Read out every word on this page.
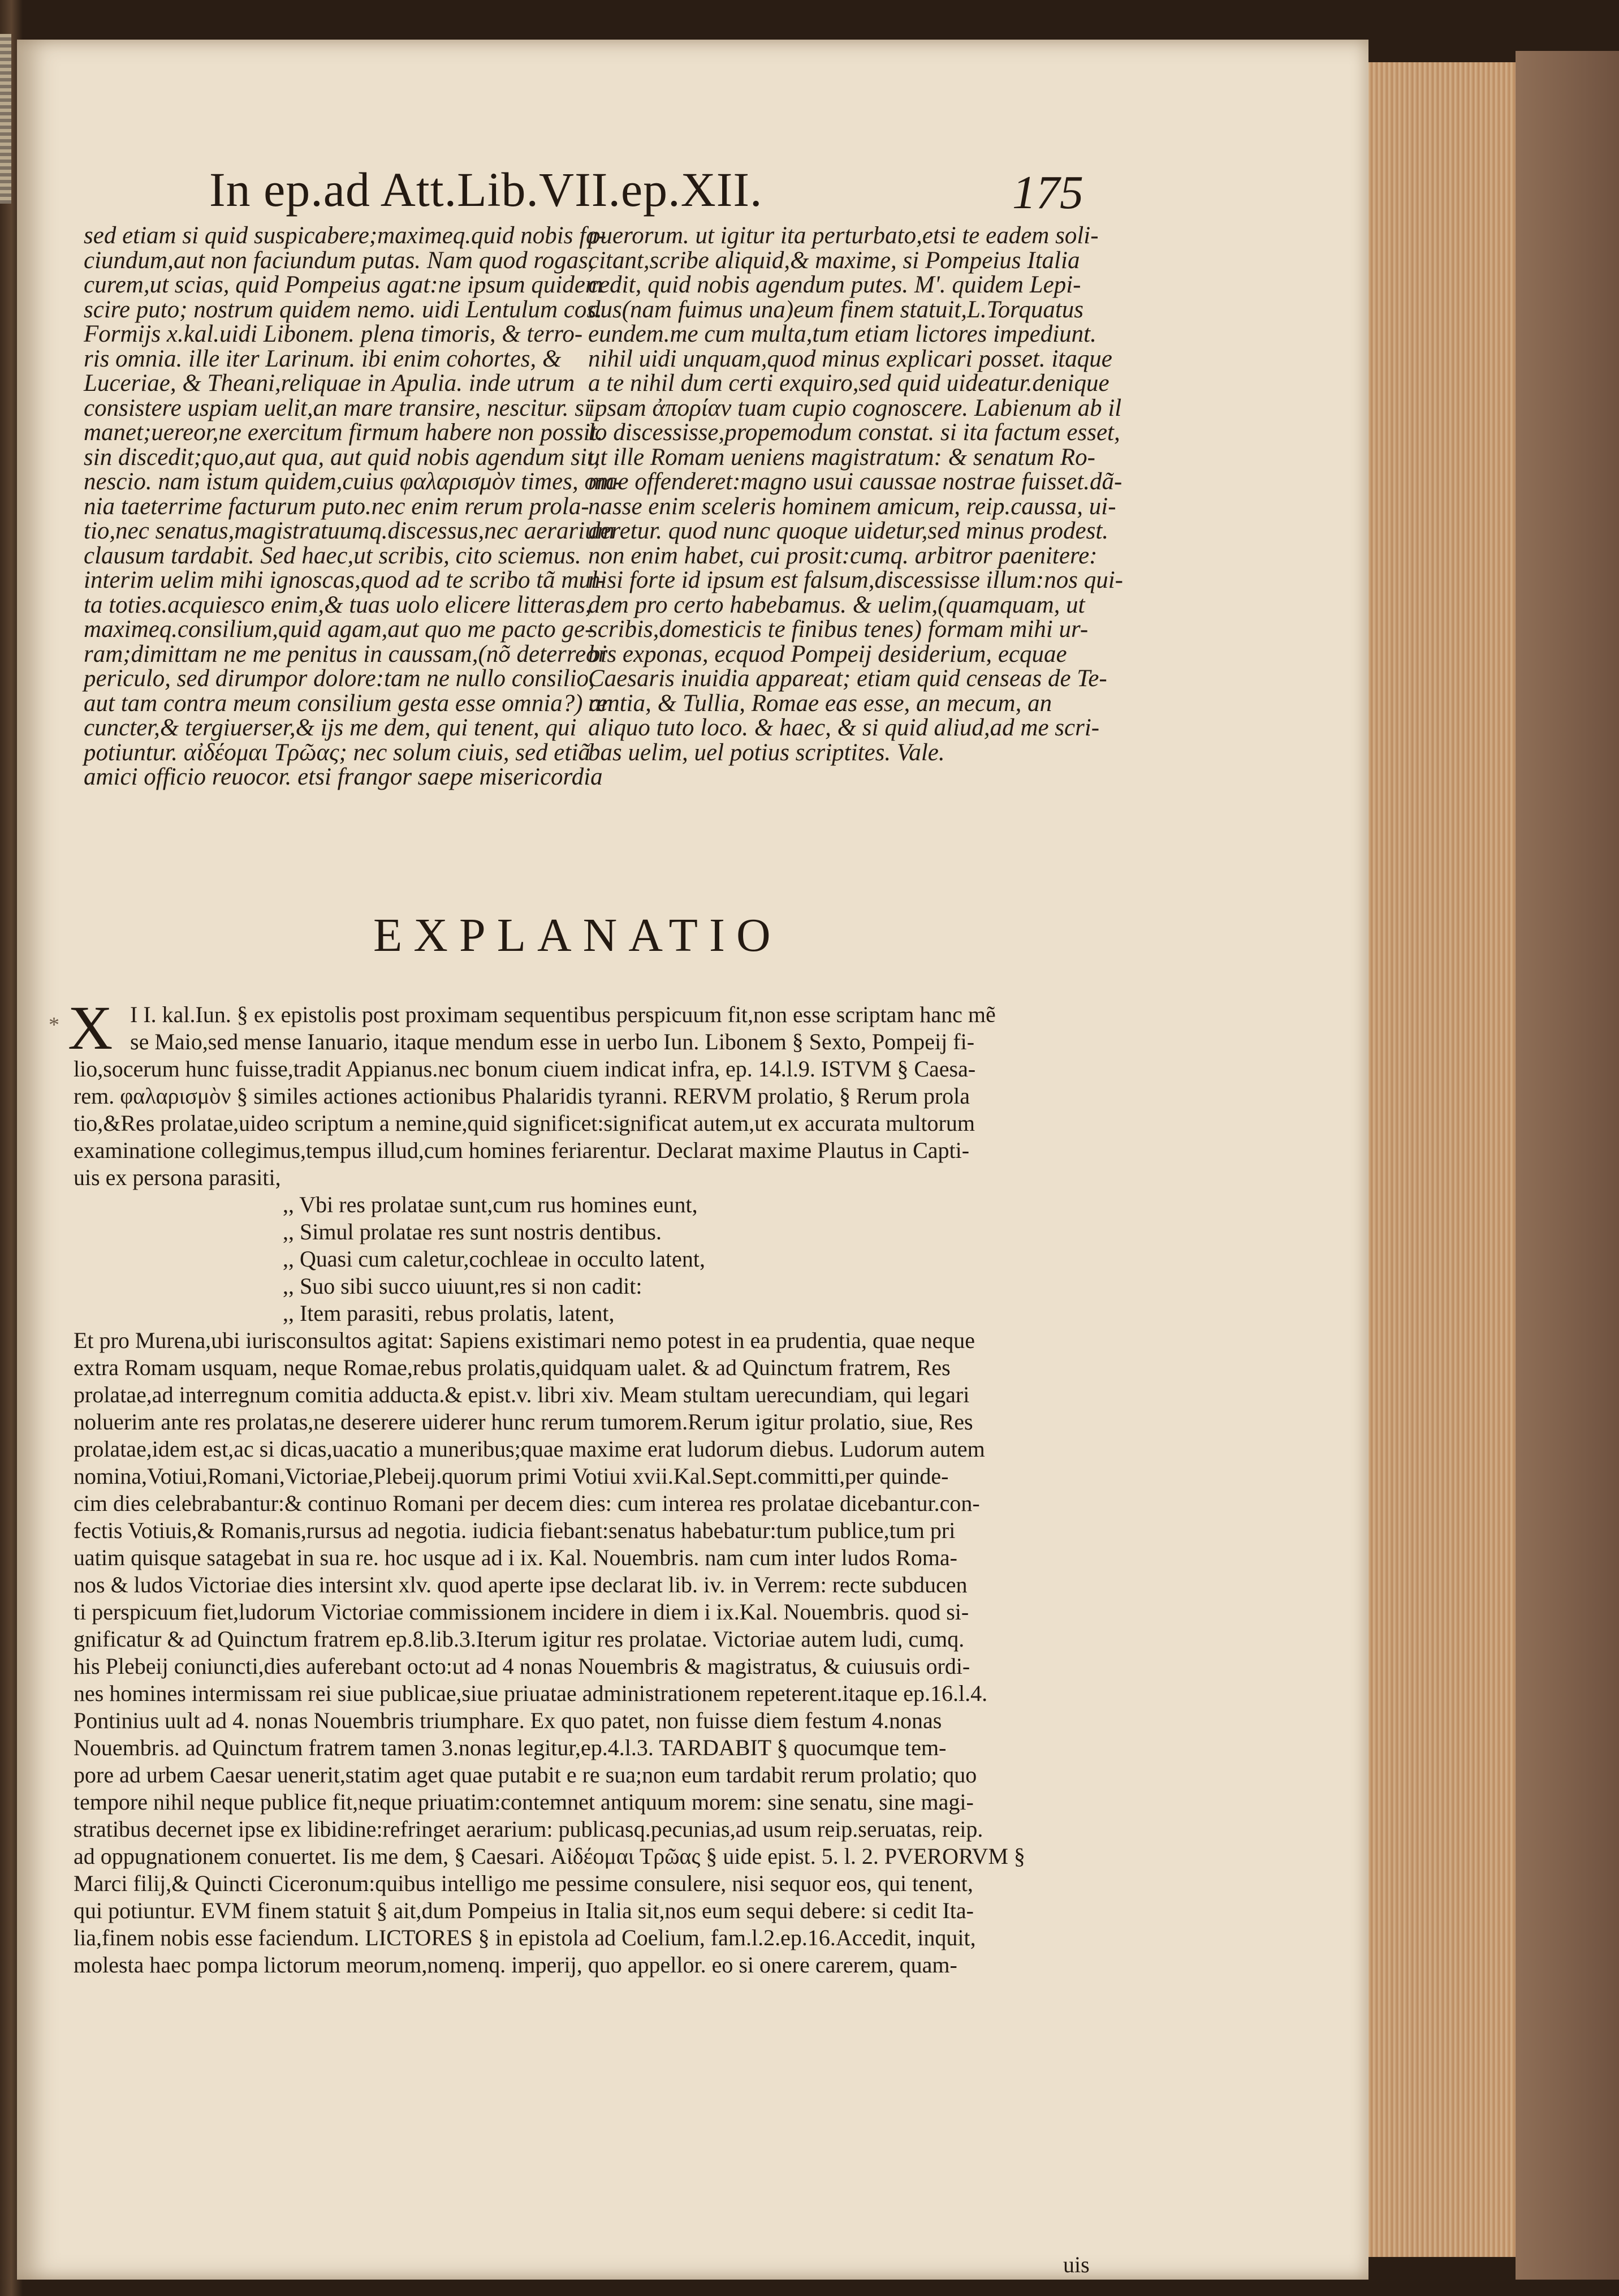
In ep.ad Att.Lib.VII.ep.XII.	175
sed etiam si quid suspicabere;maximeq.quid nobis fa-
ciundum,aut non faciundum putas. Nam quod rogas,
curem,ut scias, quid Pompeius agat:ne ipsum quidem
scire puto; nostrum quidem nemo. uidi Lentulum cos.
Formijs x.kal.uidi Libonem. plena timoris, & terro-
ris omnia. ille iter Larinum. ibi enim cohortes, &
Luceriae, & Theani,reliquae in Apulia. inde utrum
consistere uspiam uelit,an mare transire, nescitur. si
manet;uereor,ne exercitum firmum habere non possit.
sin discedit;quo,aut qua, aut quid nobis agendum sit,
nescio. nam istum quidem,cuius φαλαρισμὸν times, om-
nia taeterrime facturum puto.nec enim rerum prola-
tio,nec senatus,magistratuumq.discessus,nec aerarium
clausum tardabit. Sed haec,ut scribis, cito sciemus.
interim uelim mihi ignoscas,quod ad te scribo tã mul-
ta toties.acquiesco enim,& tuas uolo elicere litteras,
maximeq.consilium,quid agam,aut quo me pacto ge-
ram;dimittam ne me penitus in caussam,(nõ deterreor
periculo, sed dirumpor dolore:tam ne nullo consilio,
aut tam contra meum consilium gesta esse omnia?) an
cuncter,& tergiuerser,& ijs me dem, qui tenent, qui
potiuntur. αἰδέομαι Τρῶας; nec solum ciuis, sed etiã
amici officio reuocor. etsi frangor saepe misericordia
puerorum. ut igitur ita perturbato,etsi te eadem soli-
citant,scribe aliquid,& maxime, si Pompeius Italia
cedit, quid nobis agendum putes. M'. quidem Lepi-
dus(nam fuimus una)eum finem statuit,L.Torquatus
eundem.me cum multa,tum etiam lictores impediunt.
nihil uidi unquam,quod minus explicari posset. itaque
a te nihil dum certi exquiro,sed quid uideatur.denique
ipsam ἀπορίαν tuam cupio cognoscere. Labienum ab il
lo discessisse,propemodum constat. si ita factum esset,
ut ille Romam ueniens magistratum: & senatum Ro-
mae offenderet:magno usui caussae nostrae fuisset.dã-
nasse enim sceleris hominem amicum, reip.caussa, ui-
deretur. quod nunc quoque uidetur,sed minus prodest.
non enim habet, cui prosit:cumq. arbitror paenitere:
nisi forte id ipsum est falsum,discessisse illum:nos qui-
dem pro certo habebamus. & uelim,(quamquam, ut
scribis,domesticis te finibus tenes) formam mihi ur-
bis exponas, ecquod Pompeij desiderium, ecquae
Caesaris inuidia appareat; etiam quid censeas de Te-
rentia, & Tullia, Romae eas esse, an mecum, an
aliquo tuto loco. & haec, & si quid aliud,ad me scri-
bas uelim, uel potius scriptites. Vale.
EXPLANATIO
* X I I. kal.Iun. § ex epistolis post proximam sequentibus perspicuum fit,non esse scriptam hanc mẽ
se Maio,sed mense Ianuario, itaque mendum esse in uerbo Iun. Libonem § Sexto, Pompeij fi-
lio,socerum hunc fuisse,tradit Appianus.nec bonum ciuem indicat infra, ep. 14.l.9. ISTVM § Caesa-
rem. φαλαρισμὸν § similes actiones actionibus Phalaridis tyranni. RERVM prolatio, § Rerum prola
tio,&Res prolatae,uideo scriptum a nemine,quid significet:significat autem,ut ex accurata multorum
examinatione collegimus,tempus illud,cum homines feriarentur. Declarat maxime Plautus in Capti-
uis ex persona parasiti,
,, Vbi res prolatae sunt,cum rus homines eunt,
,, Simul prolatae res sunt nostris dentibus.
,, Quasi cum caletur,cochleae in occulto latent,
,, Suo sibi succo uiuunt,res si non cadit:
,, Item parasiti, rebus prolatis, latent,
Et pro Murena,ubi iurisconsultos agitat: Sapiens existimari nemo potest in ea prudentia, quae neque
extra Romam usquam, neque Romae,rebus prolatis,quidquam ualet. & ad Quinctum fratrem, Res
prolatae,ad interregnum comitia adducta.& epist.v. libri xiv. Meam stultam uerecundiam, qui legari
noluerim ante res prolatas,ne deserere uiderer hunc rerum tumorem.Rerum igitur prolatio, siue, Res
prolatae,idem est,ac si dicas,uacatio a muneribus;quae maxime erat ludorum diebus. Ludorum autem
nomina,Votiui,Romani,Victoriae,Plebeij.quorum primi Votiui xvii.Kal.Sept.committi,per quinde-
cim dies celebrabantur:& continuo Romani per decem dies: cum interea res prolatae dicebantur.con-
fectis Votiuis,& Romanis,rursus ad negotia. iudicia fiebant:senatus habebatur:tum publice,tum pri
uatim quisque satagebat in sua re. hoc usque ad i ix. Kal. Nouembris. nam cum inter ludos Roma-
nos & ludos Victoriae dies intersint xlv. quod aperte ipse declarat lib. iv. in Verrem: recte subducen
ti perspicuum fiet,ludorum Victoriae commissionem incidere in diem i ix.Kal. Nouembris. quod si-
gnificatur & ad Quinctum fratrem ep.8.lib.3.Iterum igitur res prolatae. Victoriae autem ludi, cumq.
his Plebeij coniuncti,dies auferebant octo:ut ad 4 nonas Nouembris & magistratus, & cuiusuis ordi-
nes homines intermissam rei siue publicae,siue priuatae administrationem repeterent.itaque ep.16.l.4.
Pontinius uult ad 4. nonas Nouembris triumphare. Ex quo patet, non fuisse diem festum 4.nonas
Nouembris. ad Quinctum fratrem tamen 3.nonas legitur,ep.4.l.3. TARDABIT § quocumque tem-
pore ad urbem Caesar uenerit,statim aget quae putabit e re sua;non eum tardabit rerum prolatio; quo
tempore nihil neque publice fit,neque priuatim:contemnet antiquum morem: sine senatu, sine magi-
stratibus decernet ipse ex libidine:refringet aerarium: publicasq.pecunias,ad usum reip.seruatas, reip.
ad oppugnationem conuertet. Iis me dem, § Caesari. Αἰδέομαι Τρῶας § uide epist. 5. l. 2. PVERORVM §
Marci filij,& Quincti Ciceronum:quibus intelligo me pessime consulere, nisi sequor eos, qui tenent,
qui potiuntur. EVM finem statuit § ait,dum Pompeius in Italia sit,nos eum sequi debere: si cedit Ita-
lia,finem nobis esse faciendum. LICTORES § in epistola ad Coelium, fam.l.2.ep.16.Accedit, inquit,
molesta haec pompa lictorum meorum,nomenq. imperij, quo appellor. eo si onere carerem, quam-
uis
